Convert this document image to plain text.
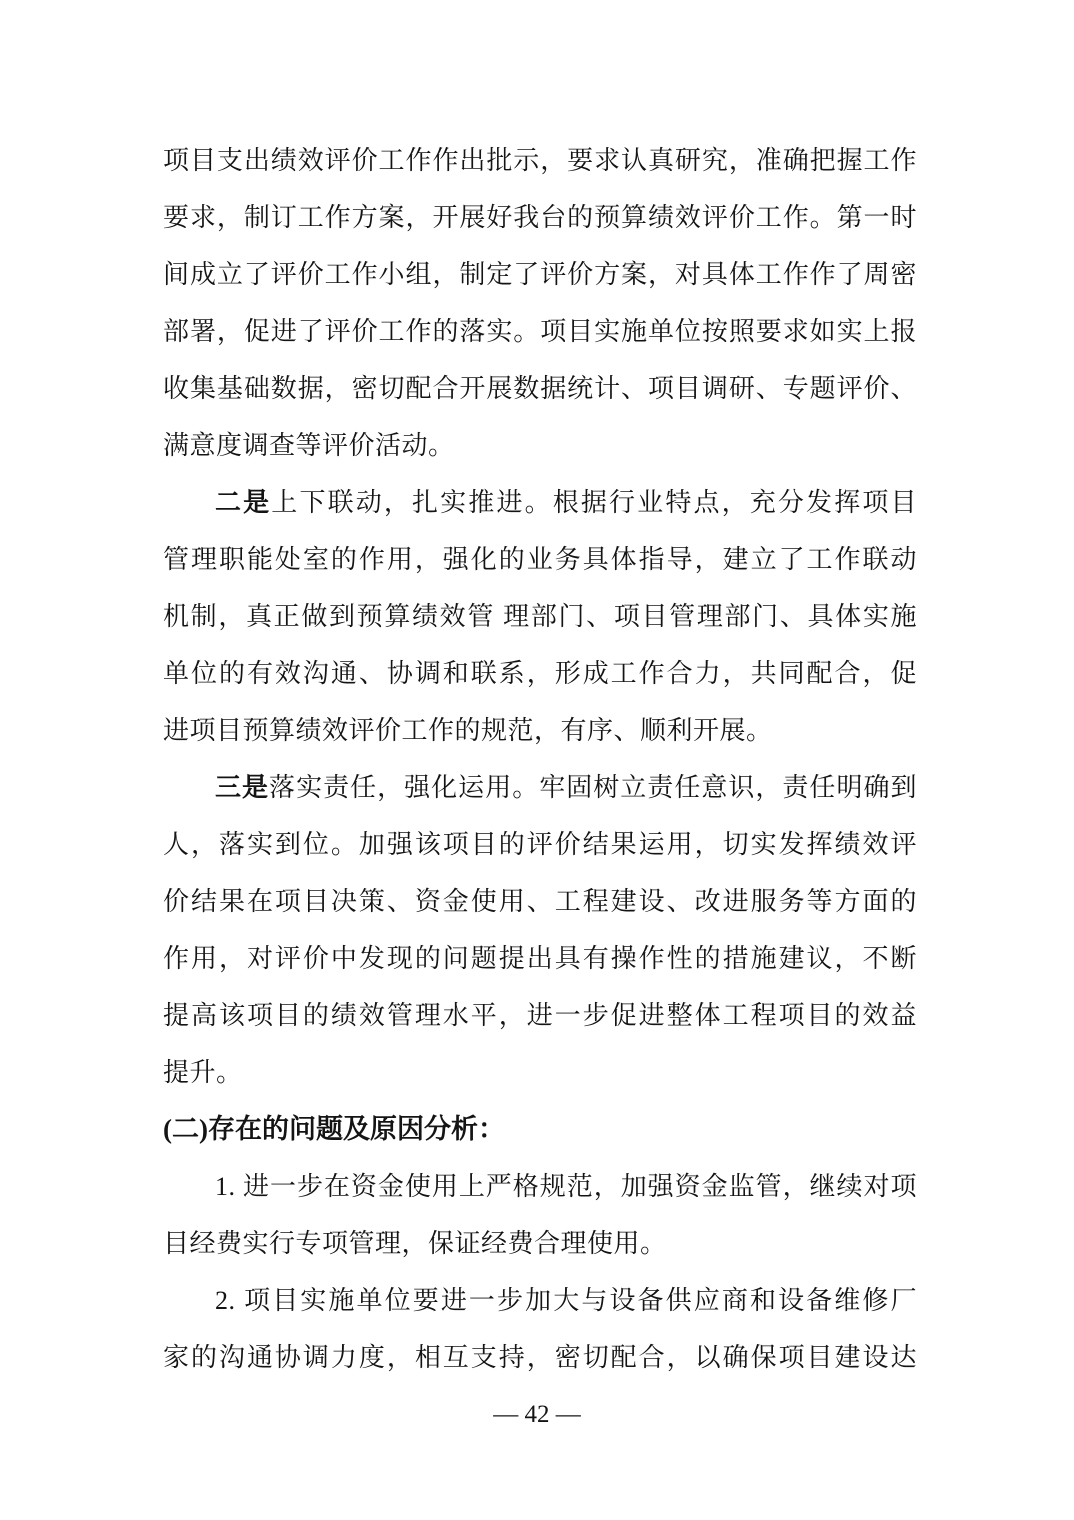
项目支出绩效评价工作作出批示，要求认真研究，准确把握工作
要求，制订工作方案，开展好我台的预算绩效评价工作。第一时
间成立了评价工作小组，制定了评价方案，对具体工作作了周密
部署，促进了评价工作的落实。项目实施单位按照要求如实上报
收集基础数据，密切配合开展数据统计、项目调研、专题评价、
满意度调查等评价活动。
二是上下联动，扎实推进。根据行业特点，充分发挥项目
管理职能处室的作用，强化的业务具体指导，建立了工作联动
机制，真正做到预算绩效管 理部门、项目管理部门、具体实施
单位的有效沟通、协调和联系，形成工作合力，共同配合，促
进项目预算绩效评价工作的规范，有序、顺利开展。
三是落实责任，强化运用。牢固树立责任意识，责任明确到
人，落实到位。加强该项目的评价结果运用，切实发挥绩效评
价结果在项目决策、资金使用、工程建设、改进服务等方面的
作用，对评价中发现的问题提出具有操作性的措施建议，不断
提高该项目的绩效管理水平，进一步促进整体工程项目的效益
提升。
(二)存在的问题及原因分析：
1. 进一步在资金使用上严格规范，加强资金监管，继续对项
目经费实行专项管理，保证经费合理使用。
2. 项目实施单位要进一步加大与设备供应商和设备维修厂
家的沟通协调力度，相互支持，密切配合，以确保项目建设达
— 42 —
